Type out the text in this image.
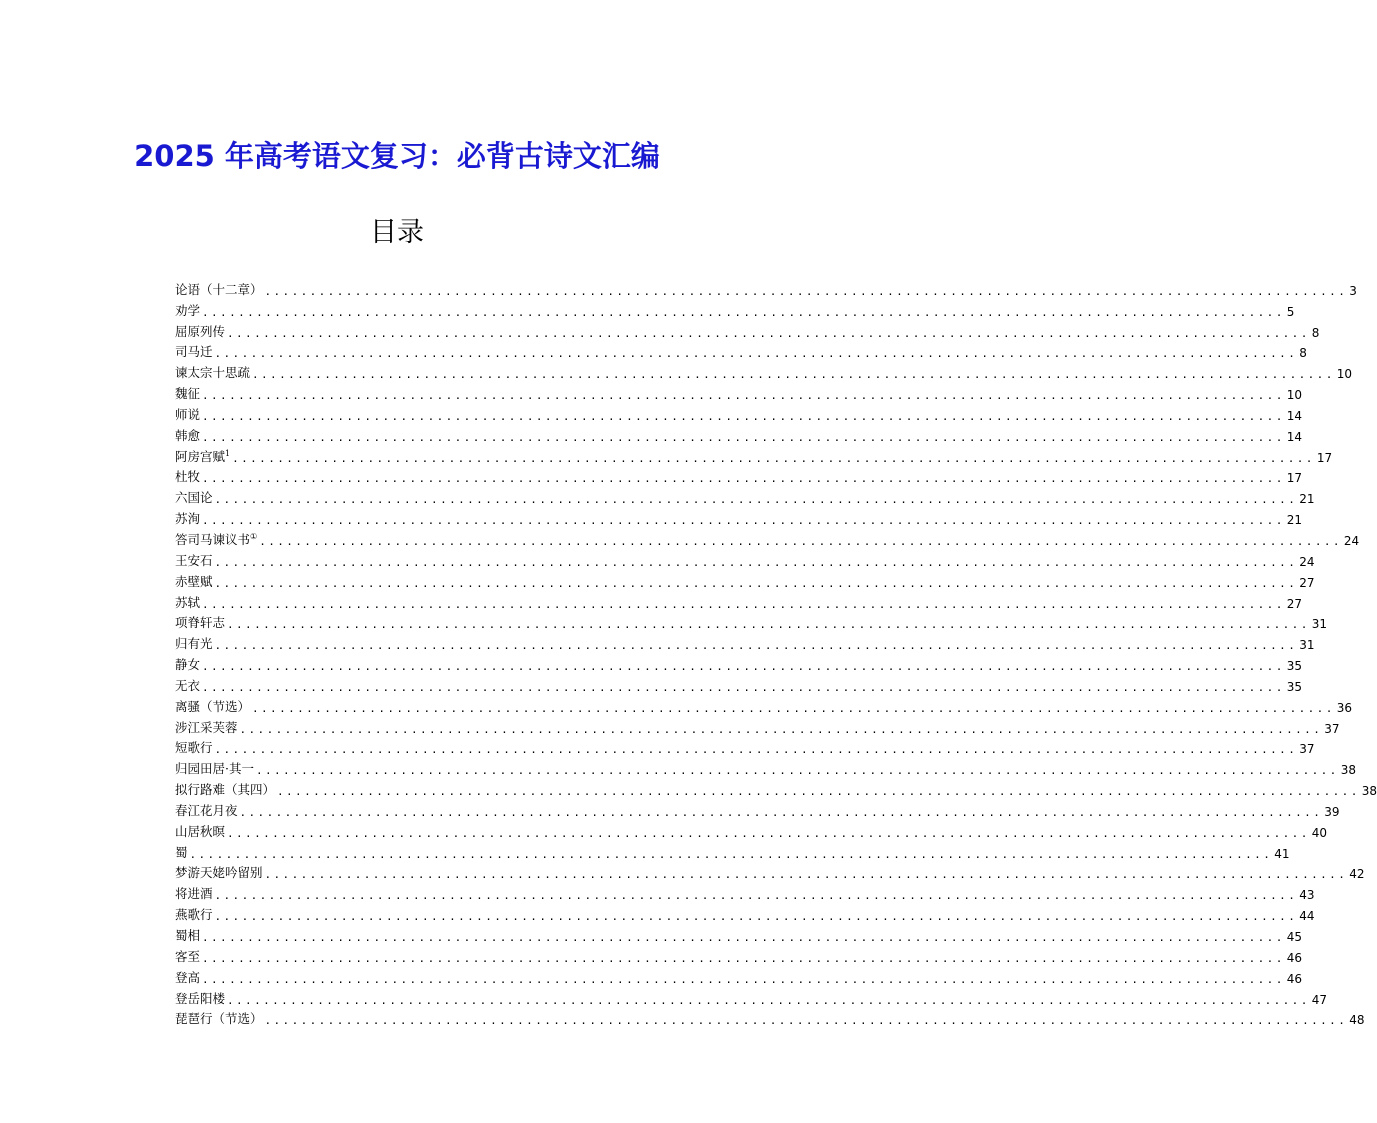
2025 年高考语文复习：必背古诗文汇编
目录
论语（十二章） ........................................................................................................................ 3
劝学 ........................................................................................................................ 5
屈原列传 ........................................................................................................................ 8
司马迁 ........................................................................................................................ 8
谏太宗十思疏 ........................................................................................................................ 10
魏征 ........................................................................................................................ 10
师说 ........................................................................................................................ 14
韩愈 ........................................................................................................................ 14
阿房宫赋$^1$ ........................................................................................................................ 17
杜牧 ........................................................................................................................ 17
六国论 ........................................................................................................................ 21
苏洵 ........................................................................................................................ 21
答司马谏议书① ........................................................................................................................ 24
王安石 ........................................................................................................................ 24
赤壁赋 ........................................................................................................................ 27
苏轼 ........................................................................................................................ 27
项脊轩志 ........................................................................................................................ 31
归有光 ........................................................................................................................ 31
静女 ........................................................................................................................ 35
无衣 ........................................................................................................................ 35
离骚（节选） ........................................................................................................................ 36
涉江采芙蓉 ........................................................................................................................ 37
短歌行 ........................................................................................................................ 37
归园田居·其一 ........................................................................................................................ 38
拟行路难（其四） ........................................................................................................................ 38
春江花月夜 ........................................................................................................................ 39
山居秋暝 ........................................................................................................................ 40
蜀 ........................................................................................................................ 41
梦游天姥吟留别 ........................................................................................................................ 42
将进酒 ........................................................................................................................ 43
燕歌行 ........................................................................................................................ 44
蜀相 ........................................................................................................................ 45
客至 ........................................................................................................................ 46
登高 ........................................................................................................................ 46
登岳阳楼 ........................................................................................................................ 47
琵琶行（节选） ........................................................................................................................ 48
